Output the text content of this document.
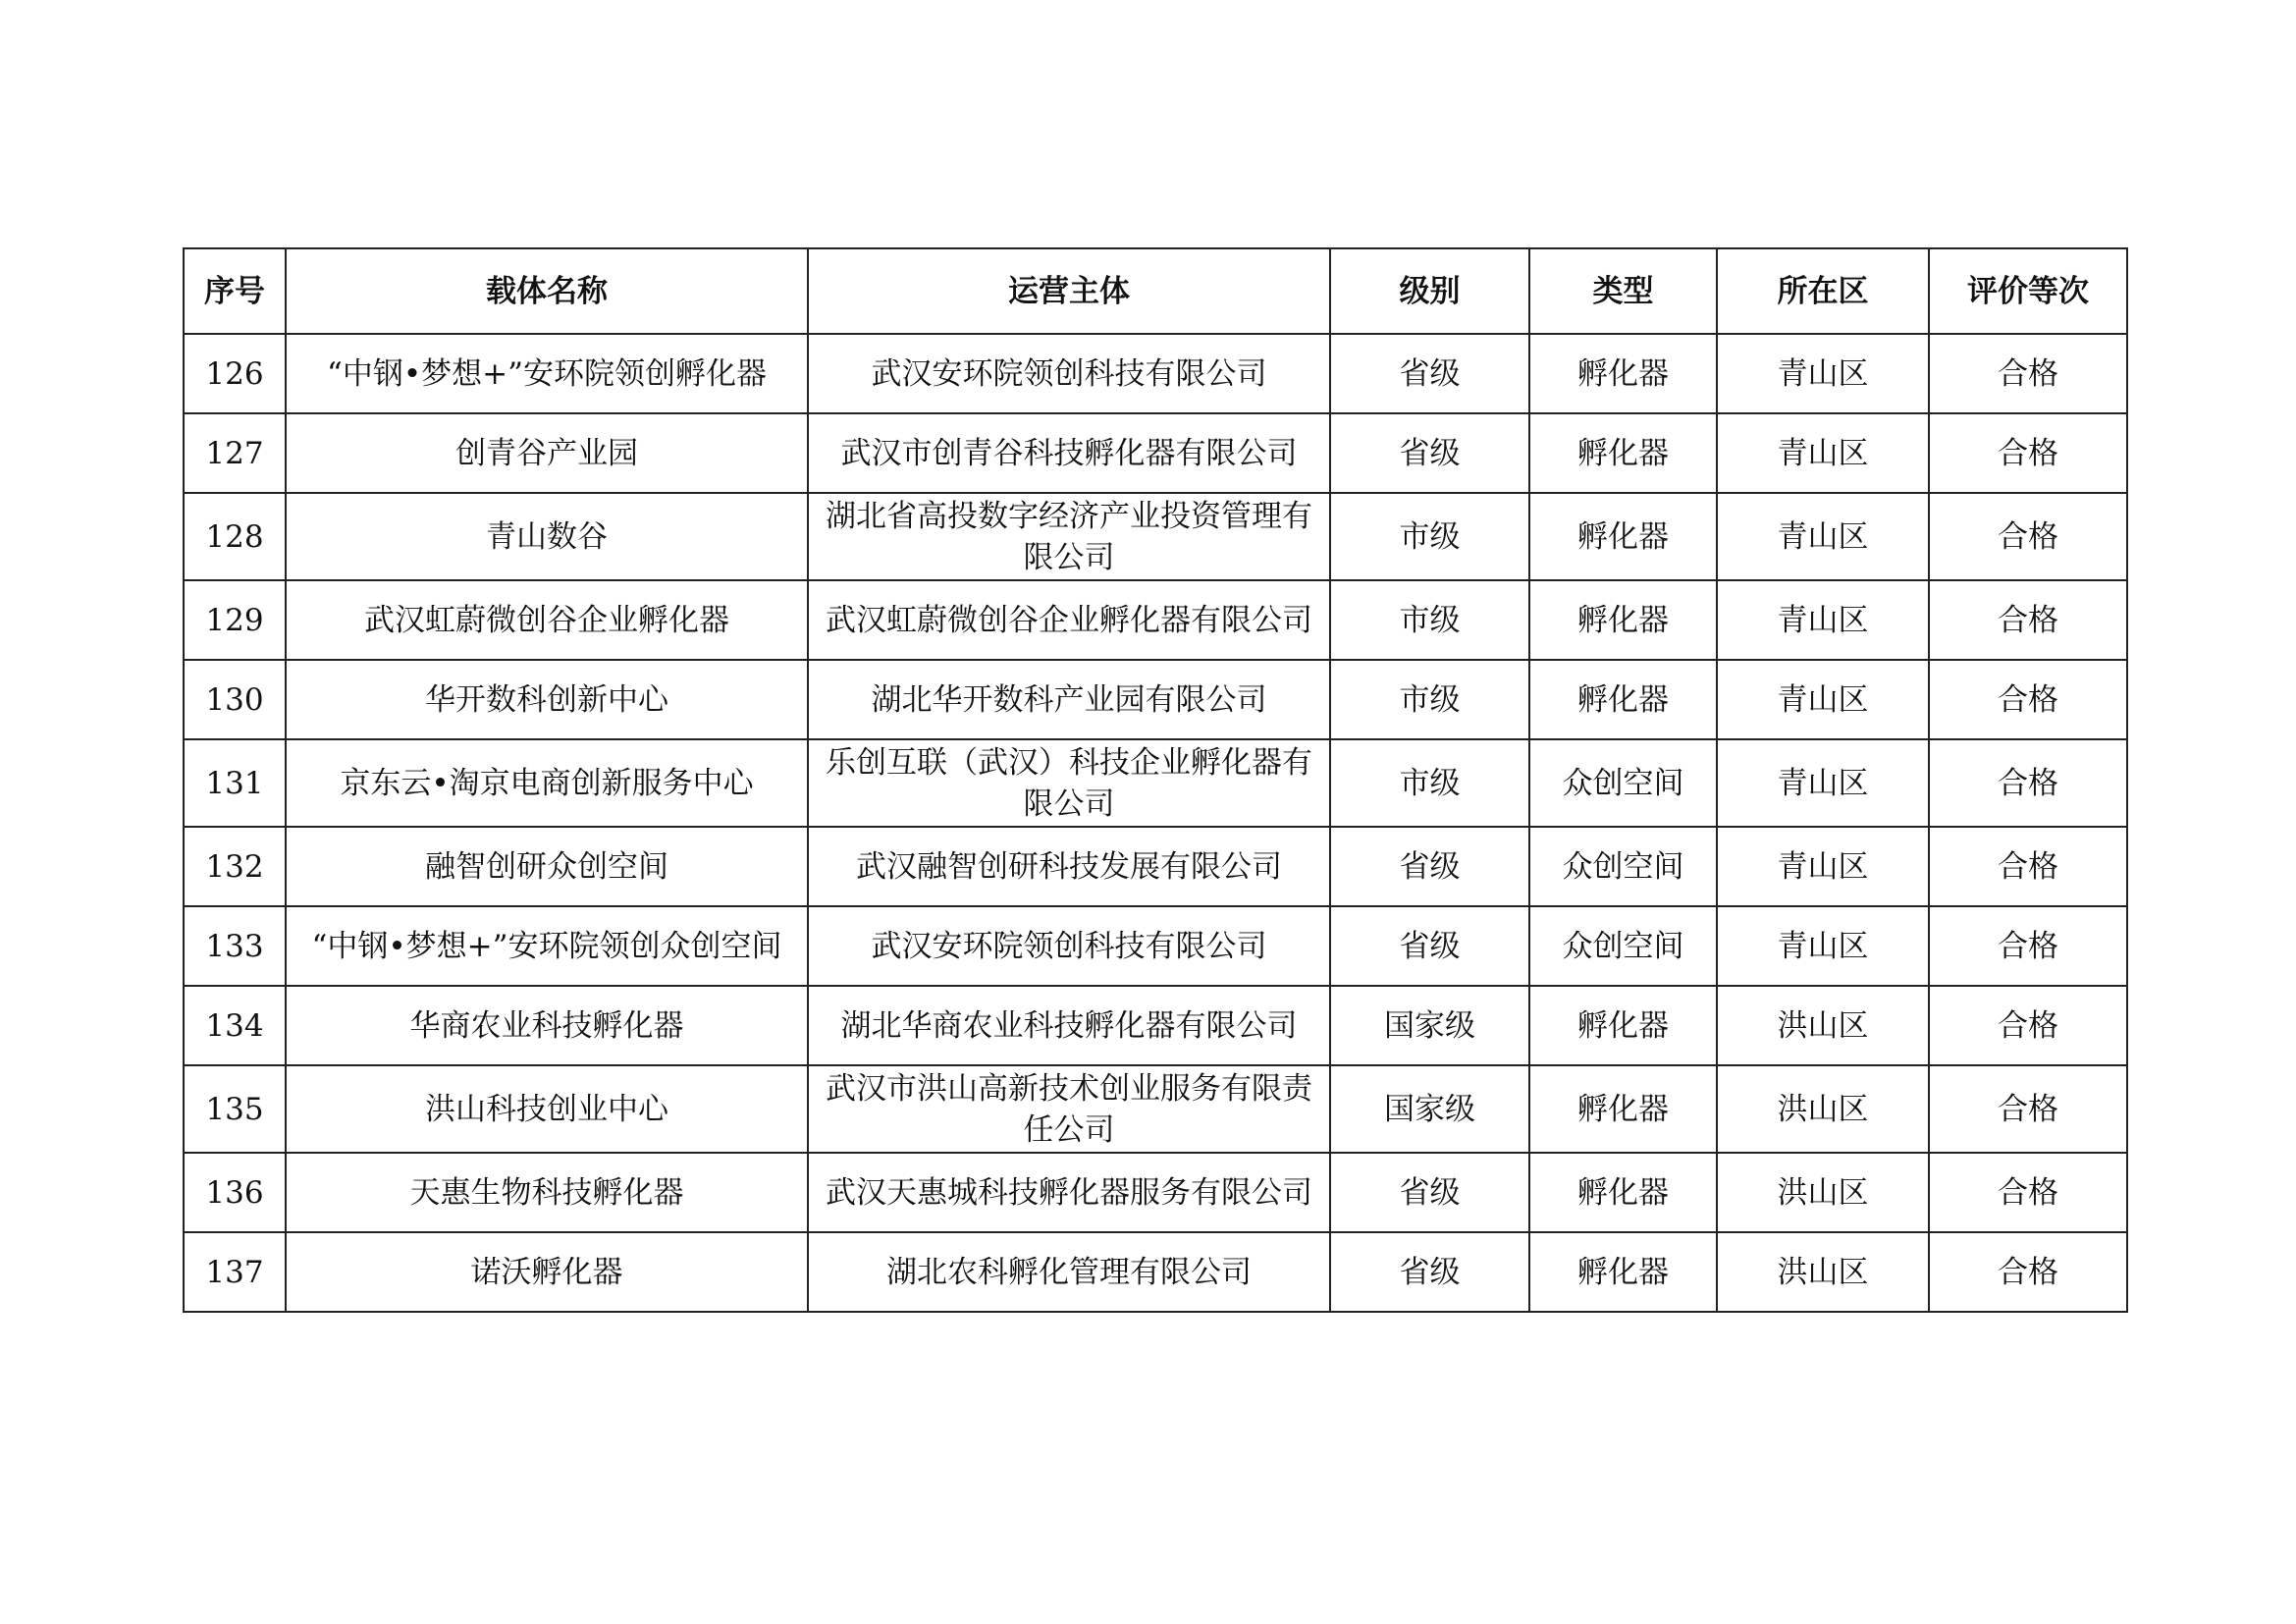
序号	载体名称	运营主体	级别	类型	所在区	评价等次
126	“中钢•梦想+”安环院领创孵化器	武汉安环院领创科技有限公司	省级	孵化器	青山区	合格
127	创青谷产业园	武汉市创青谷科技孵化器有限公司	省级	孵化器	青山区	合格
128	青山数谷	湖北省高投数字经济产业投资管理有限公司	市级	孵化器	青山区	合格
129	武汉虹蔚微创谷企业孵化器	武汉虹蔚微创谷企业孵化器有限公司	市级	孵化器	青山区	合格
130	华开数科创新中心	湖北华开数科产业园有限公司	市级	孵化器	青山区	合格
131	京东云•淘京电商创新服务中心	乐创互联（武汉）科技企业孵化器有限公司	市级	众创空间	青山区	合格
132	融智创研众创空间	武汉融智创研科技发展有限公司	省级	众创空间	青山区	合格
133	“中钢•梦想+”安环院领创众创空间	武汉安环院领创科技有限公司	省级	众创空间	青山区	合格
134	华商农业科技孵化器	湖北华商农业科技孵化器有限公司	国家级	孵化器	洪山区	合格
135	洪山科技创业中心	武汉市洪山高新技术创业服务有限责任公司	国家级	孵化器	洪山区	合格
136	天惠生物科技孵化器	武汉天惠城科技孵化器服务有限公司	省级	孵化器	洪山区	合格
137	诺沃孵化器	湖北农科孵化管理有限公司	省级	孵化器	洪山区	合格
